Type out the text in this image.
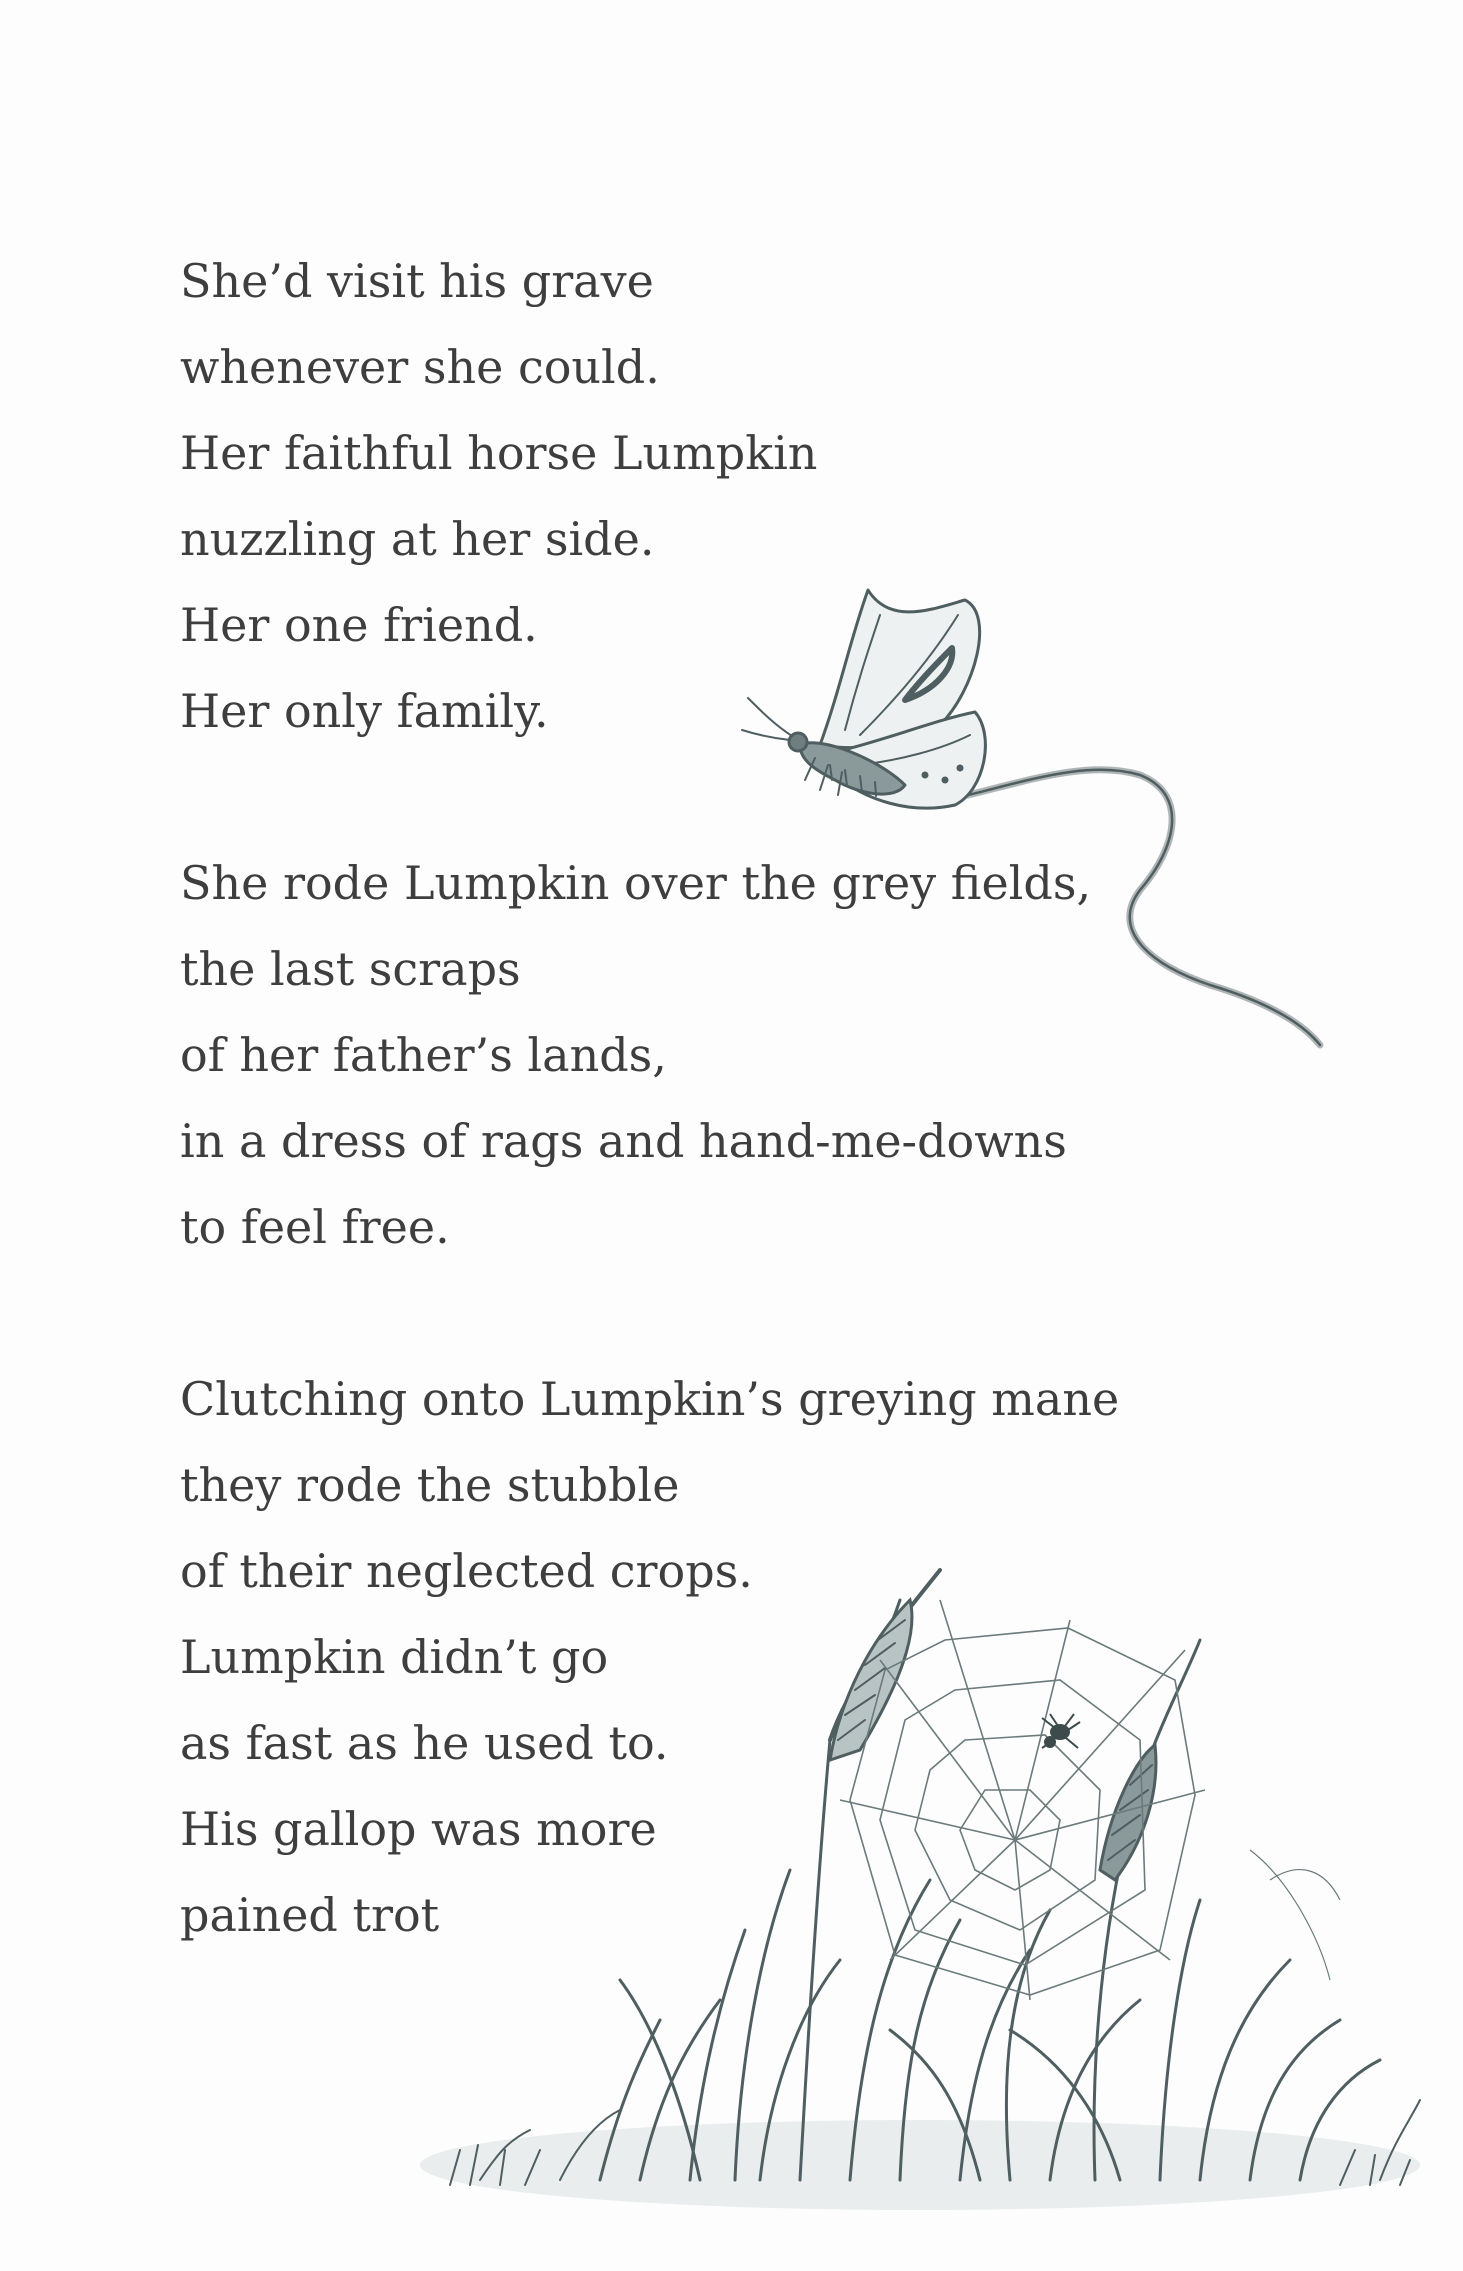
She’d visit his grave
whenever she could.
Her faithful horse Lumpkin
nuzzling at her side.
Her one friend.
Her only family.
She rode Lumpkin over the grey fields,
the last scraps
of her father’s lands,
in a dress of rags and hand-me-downs
to feel free.
Clutching onto Lumpkin’s greying mane
they rode the stubble
of their neglected crops.
Lumpkin didn’t go
as fast as he used to.
His gallop was more
pained trot
